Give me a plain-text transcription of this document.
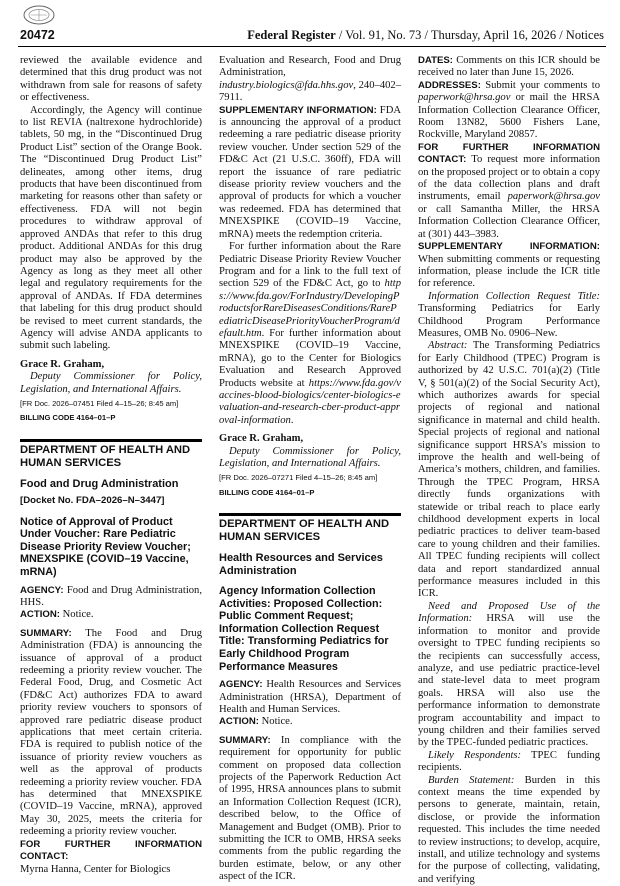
20472	Federal Register / Vol. 91, No. 73 / Thursday, April 16, 2026 / Notices

reviewed the available evidence and determined that this drug product was not withdrawn from sale for reasons of safety or effectiveness.

Accordingly, the Agency will continue to list REVIA (naltrexone hydrochloride) tablets, 50 mg, in the “Discontinued Drug Product List” section of the Orange Book. The “Discontinued Drug Product List” delineates, among other items, drug products that have been discontinued from marketing for reasons other than safety or effectiveness. FDA will not begin procedures to withdraw approval of approved ANDAs that refer to this drug product. Additional ANDAs for this drug product may also be approved by the Agency as long as they meet all other legal and regulatory requirements for the approval of ANDAs. If FDA determines that labeling for this drug product should be revised to meet current standards, the Agency will advise ANDA applicants to submit such labeling.

Grace R. Graham,

Deputy Commissioner for Policy, Legislation, and International Affairs.

[FR Doc. 2026–07451 Filed 4–15–26; 8:45 am]

BILLING CODE 4164–01–P

DEPARTMENT OF HEALTH AND HUMAN SERVICES

Food and Drug Administration

[Docket No. FDA–2026–N–3447]

Notice of Approval of Product Under Voucher: Rare Pediatric Disease Priority Review Voucher; MNEXSPIKE (COVID–19 Vaccine, mRNA)

AGENCY: Food and Drug Administration, HHS.

ACTION: Notice.

SUMMARY: The Food and Drug Administration (FDA) is announcing the issuance of approval of a product redeeming a priority review voucher. The Federal Food, Drug, and Cosmetic Act (FD&C Act) authorizes FDA to award priority review vouchers to sponsors of approved rare pediatric disease product applications that meet certain criteria. FDA is required to publish notice of the issuance of priority review vouchers as well as the approval of products redeeming a priority review voucher. FDA has determined that MNEXSPIKE (COVID–19 Vaccine, mRNA), approved May 30, 2025, meets the criteria for redeeming a priority review voucher.

FOR FURTHER INFORMATION CONTACT:
Myrna Hanna, Center for Biologics

Evaluation and Research, Food and Drug Administration, industry.biologics@fda.hhs.gov, 240–402–7911.

SUPPLEMENTARY INFORMATION: FDA is announcing the approval of a product redeeming a rare pediatric disease priority review voucher. Under section 529 of the FD&C Act (21 U.S.C. 360ff), FDA will report the issuance of rare pediatric disease priority review vouchers and the approval of products for which a voucher was redeemed. FDA has determined that MNEXSPIKE (COVID–19 Vaccine, mRNA) meets the redemption criteria.

For further information about the Rare Pediatric Disease Priority Review Voucher Program and for a link to the full text of section 529 of the FD&C Act, go to https://www.fda.gov/ForIndustry/DevelopingProductsforRareDiseasesConditions/RarePediatricDiseasePriorityVoucherProgram/default.htm. For further information about MNEXSPIKE (COVID–19 Vaccine, mRNA), go to the Center for Biologics Evaluation and Research Approved Products website at https://www.fda.gov/vaccines-blood-biologics/center-biologics-evaluation-and-research-cber-product-approval-information.

Grace R. Graham,

Deputy Commissioner for Policy, Legislation, and International Affairs.

[FR Doc. 2026–07271 Filed 4–15–26; 8:45 am]

BILLING CODE 4164–01–P

DEPARTMENT OF HEALTH AND HUMAN SERVICES

Health Resources and Services Administration

Agency Information Collection Activities: Proposed Collection: Public Comment Request; Information Collection Request Title: Transforming Pediatrics for Early Childhood Program Performance Measures

AGENCY: Health Resources and Services Administration (HRSA), Department of Health and Human Services.

ACTION: Notice.

SUMMARY: In compliance with the requirement for opportunity for public comment on proposed data collection projects of the Paperwork Reduction Act of 1995, HRSA announces plans to submit an Information Collection Request (ICR), described below, to the Office of Management and Budget (OMB). Prior to submitting the ICR to OMB, HRSA seeks comments from the public regarding the burden estimate, below, or any other aspect of the ICR.

DATES: Comments on this ICR should be received no later than June 15, 2026.

ADDRESSES: Submit your comments to paperwork@hrsa.gov or mail the HRSA Information Collection Clearance Officer, Room 13N82, 5600 Fishers Lane, Rockville, Maryland 20857.

FOR FURTHER INFORMATION CONTACT: To request more information on the proposed project or to obtain a copy of the data collection plans and draft instruments, email paperwork@hrsa.gov or call Samantha Miller, the HRSA Information Collection Clearance Officer, at (301) 443–3983.

SUPPLEMENTARY INFORMATION: When submitting comments or requesting information, please include the ICR title for reference.

Information Collection Request Title: Transforming Pediatrics for Early Childhood Program Performance Measures, OMB No. 0906–New.

Abstract: The Transforming Pediatrics for Early Childhood (TPEC) Program is authorized by 42 U.S.C. 701(a)(2) (Title V, § 501(a)(2) of the Social Security Act), which authorizes awards for special projects of regional and national significance in maternal and child health. Special projects of regional and national significance support HRSA’s mission to improve the health and well-being of America’s mothers, children, and families. Through the TPEC Program, HRSA directly funds organizations with statewide or tribal reach to place early childhood development experts in local pediatric practices to deliver team-based care to young children and their families. All TPEC funding recipients will collect data and report standardized annual performance measures included in this ICR.

Need and Proposed Use of the Information: HRSA will use the information to monitor and provide oversight to TPEC funding recipients so the recipients can successfully access, analyze, and use pediatric practice-level and state-level data to meet program goals. HRSA will also use the performance information to demonstrate program accountability and impact to young children and their families served by the TPEC-funded pediatric practices.

Likely Respondents: TPEC funding recipients.

Burden Statement: Burden in this context means the time expended by persons to generate, maintain, retain, disclose, or provide the information requested. This includes the time needed to review instructions; to develop, acquire, install, and utilize technology and systems for the purpose of collecting, validating, and verifying
